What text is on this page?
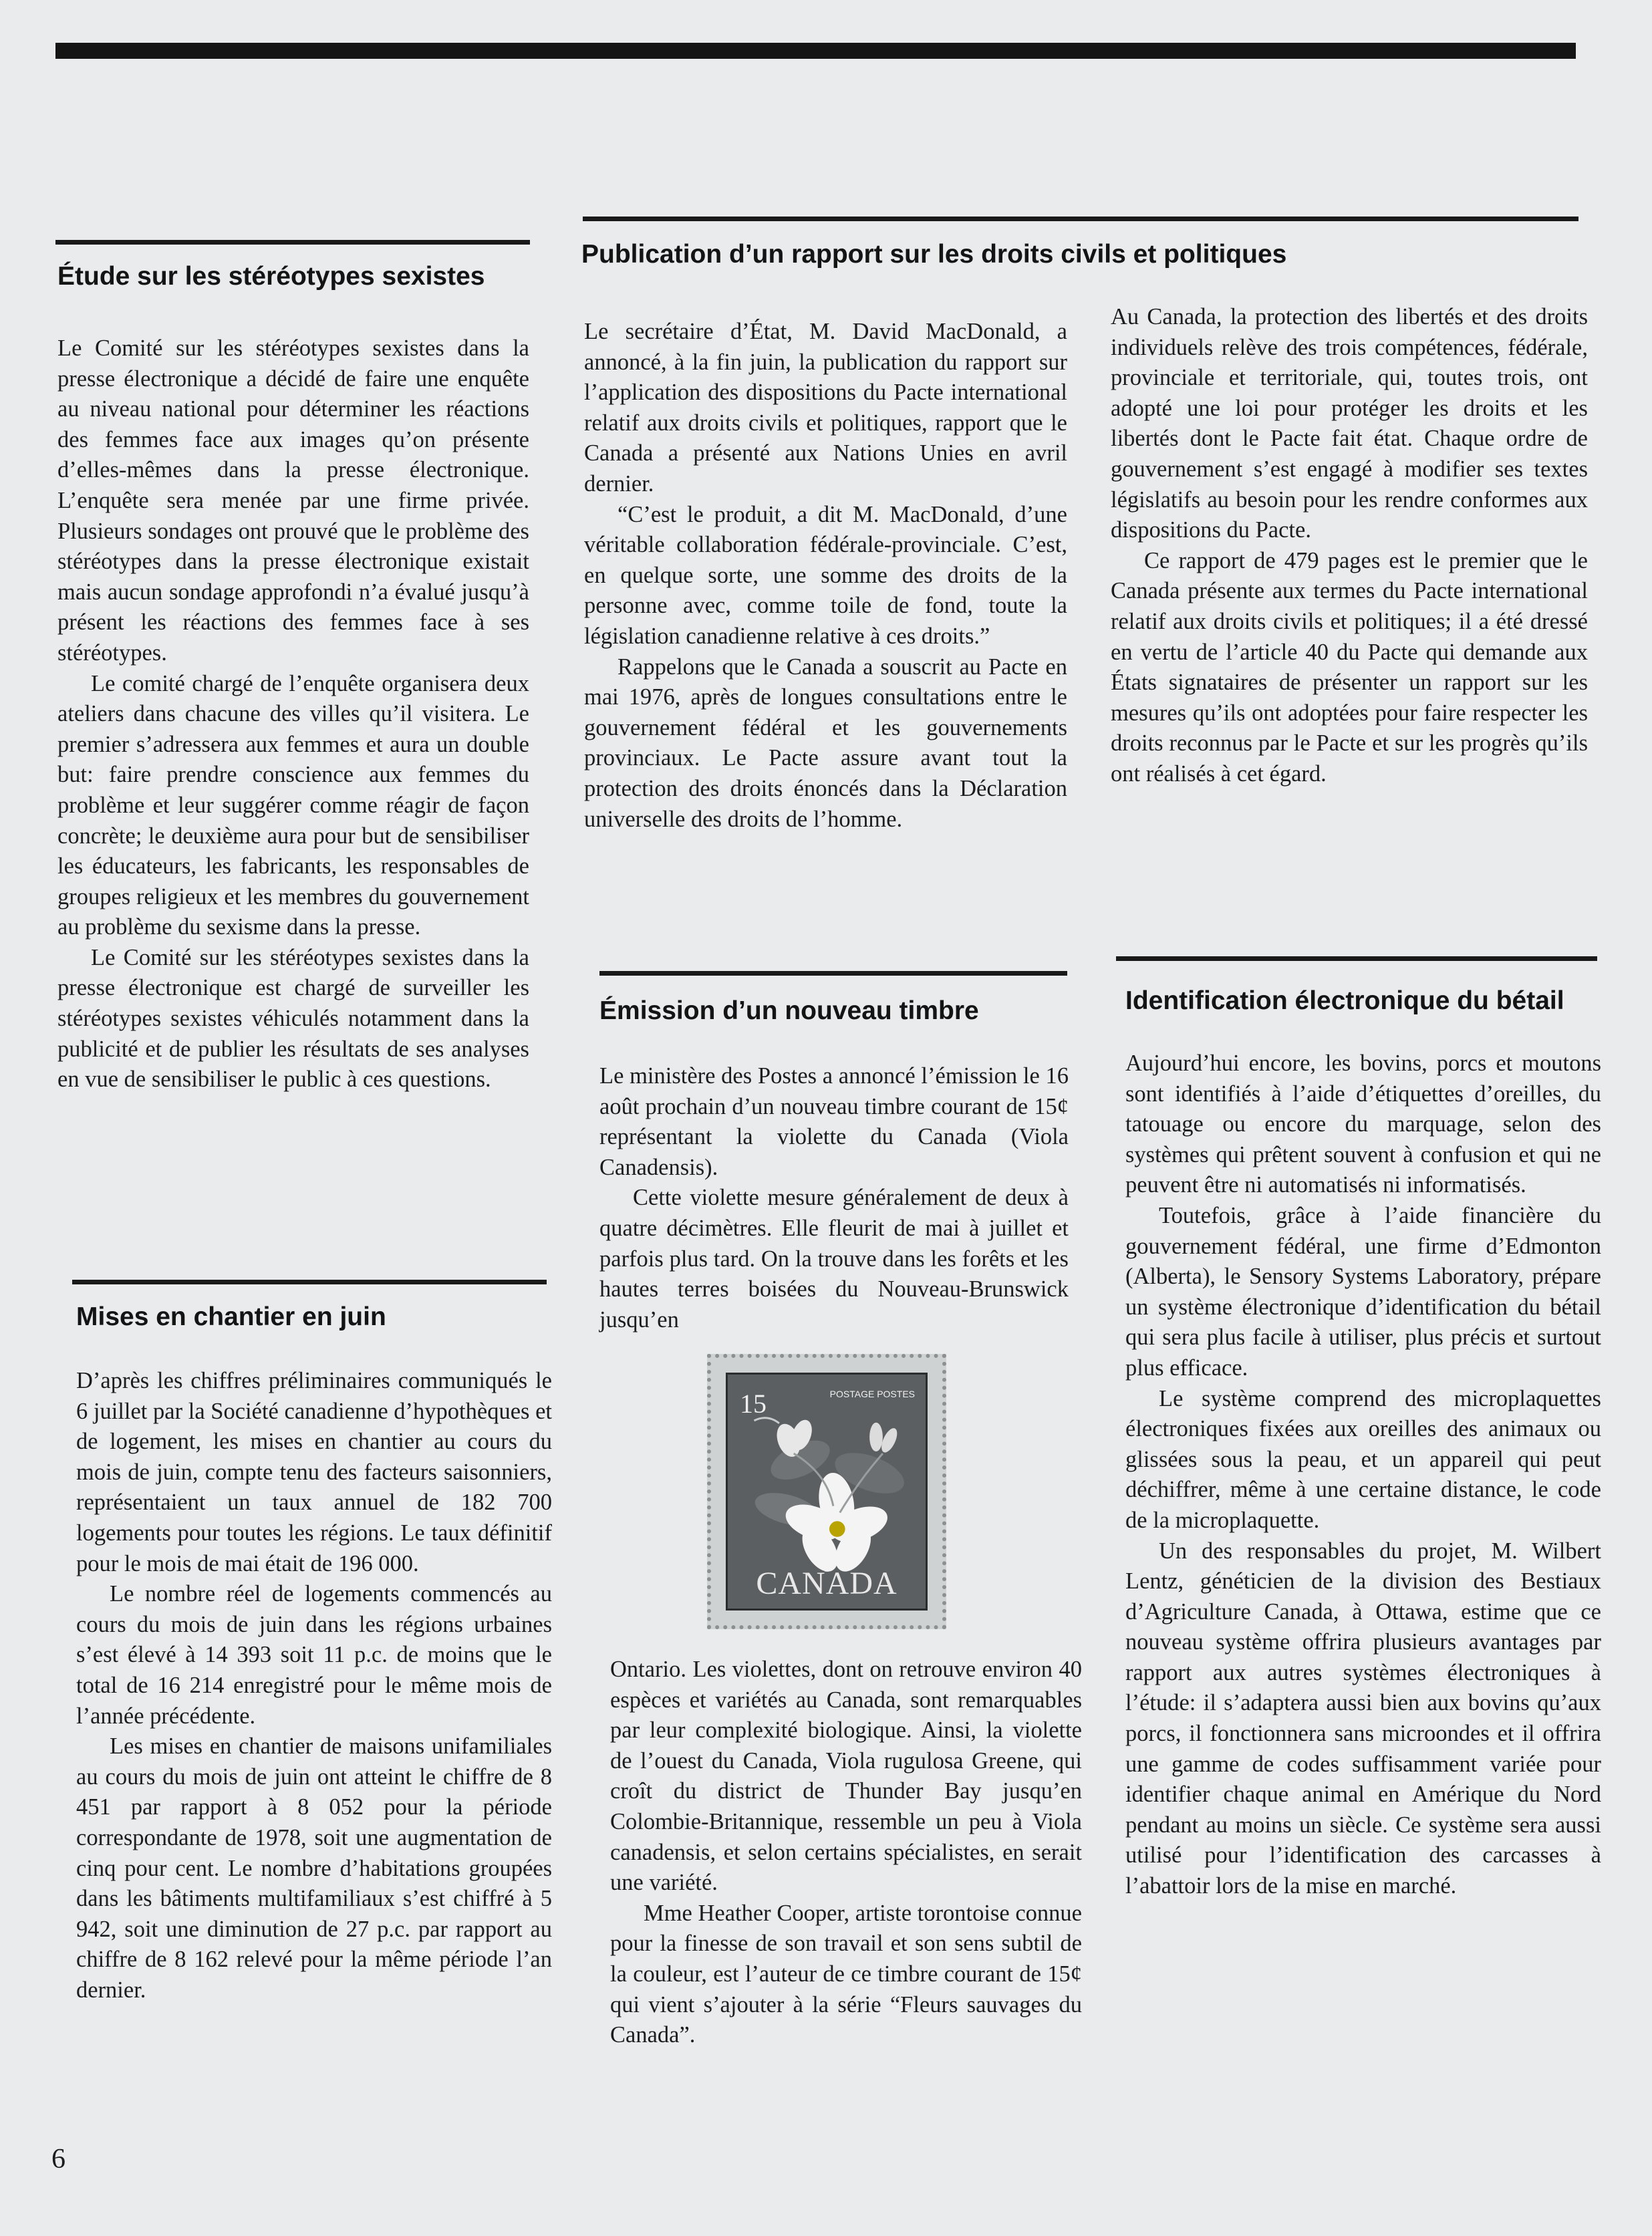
Étude sur les stéréotypes sexistes

Le Comité sur les stéréotypes sexistes dans la presse électronique a décidé de faire une enquête au niveau national pour déterminer les réactions des femmes face aux images qu’on présente d’elles-mêmes dans la presse électronique. L’enquête sera menée par une firme privée. Plusieurs sondages ont prouvé que le problème des stéréotypes dans la presse électronique existait mais aucun sondage approfondi n’a évalué jusqu’à présent les réactions des femmes face à ses stéréotypes.

Le comité chargé de l’enquête organisera deux ateliers dans chacune des villes qu’il visitera. Le premier s’adressera aux femmes et aura un double but: faire prendre conscience aux femmes du problème et leur suggérer comme réagir de façon concrète; le deuxième aura pour but de sensibiliser les éducateurs, les fabricants, les responsables de groupes religieux et les membres du gouvernement au problème du sexisme dans la presse.

Le Comité sur les stéréotypes sexistes dans la presse électronique est chargé de surveiller les stéréotypes sexistes véhiculés notamment dans la publicité et de publier les résultats de ses analyses en vue de sensibiliser le public à ces questions.

Mises en chantier en juin

D’après les chiffres préliminaires communiqués le 6 juillet par la Société canadienne d’hypothèques et de logement, les mises en chantier au cours du mois de juin, compte tenu des facteurs saisonniers, représentaient un taux annuel de 182 700 logements pour toutes les régions. Le taux définitif pour le mois de mai était de 196 000.

Le nombre réel de logements commencés au cours du mois de juin dans les régions urbaines s’est élevé à 14 393 soit 11 p.c. de moins que le total de 16 214 enregistré pour le même mois de l’année précédente.

Les mises en chantier de maisons unifamiliales au cours du mois de juin ont atteint le chiffre de 8 451 par rapport à 8 052 pour la période correspondante de 1978, soit une augmentation de cinq pour cent. Le nombre d’habitations groupées dans les bâtiments multifamiliaux s’est chiffré à 5 942, soit une diminution de 27 p.c. par rapport au chiffre de 8 162 relevé pour la même période l’an dernier.

Publication d’un rapport sur les droits civils et politiques

Le secrétaire d’État, M. David MacDonald, a annoncé, à la fin juin, la publication du rapport sur l’application des dispositions du Pacte international relatif aux droits civils et politiques, rapport que le Canada a présenté aux Nations Unies en avril dernier.

“C’est le produit, a dit M. MacDonald, d’une véritable collaboration fédérale-provinciale. C’est, en quelque sorte, une somme des droits de la personne avec, comme toile de fond, toute la législation canadienne relative à ces droits.”

Rappelons que le Canada a souscrit au Pacte en mai 1976, après de longues consultations entre le gouvernement fédéral et les gouvernements provinciaux. Le Pacte assure avant tout la protection des droits énoncés dans la Déclaration universelle des droits de l’homme.

Au Canada, la protection des libertés et des droits individuels relève des trois compétences, fédérale, provinciale et territoriale, qui, toutes trois, ont adopté une loi pour protéger les droits et les libertés dont le Pacte fait état. Chaque ordre de gouvernement s’est engagé à modifier ses textes législatifs au besoin pour les rendre conformes aux dispositions du Pacte.

Ce rapport de 479 pages est le premier que le Canada présente aux termes du Pacte international relatif aux droits civils et politiques; il a été dressé en vertu de l’article 40 du Pacte qui demande aux États signataires de présenter un rapport sur les mesures qu’ils ont adoptées pour faire respecter les droits reconnus par le Pacte et sur les progrès qu’ils ont réalisés à cet égard.

Émission d’un nouveau timbre

Le ministère des Postes a annoncé l’émission le 16 août prochain d’un nouveau timbre courant de 15¢ représentant la violette du Canada (Viola Canadensis).

Cette violette mesure généralement de deux à quatre décimètres. Elle fleurit de mai à juillet et parfois plus tard. On la trouve dans les forêts et les hautes terres boisées du Nouveau-Brunswick jusqu’en

15	POSTAGE POSTES
CANADA

Ontario. Les violettes, dont on retrouve environ 40 espèces et variétés au Canada, sont remarquables par leur complexité biologique. Ainsi, la violette de l’ouest du Canada, Viola rugulosa Greene, qui croît du district de Thunder Bay jusqu’en Colombie-Britannique, ressemble un peu à Viola canadensis, et selon certains spécialistes, en serait une variété.

Mme Heather Cooper, artiste torontoise connue pour la finesse de son travail et son sens subtil de la couleur, est l’auteur de ce timbre courant de 15¢ qui vient s’ajouter à la série “Fleurs sauvages du Canada”.

Identification électronique du bétail

Aujourd’hui encore, les bovins, porcs et moutons sont identifiés à l’aide d’étiquettes d’oreilles, du tatouage ou encore du marquage, selon des systèmes qui prêtent souvent à confusion et qui ne peuvent être ni automatisés ni informatisés.

Toutefois, grâce à l’aide financière du gouvernement fédéral, une firme d’Edmonton (Alberta), le Sensory Systems Laboratory, prépare un système électronique d’identification du bétail qui sera plus facile à utiliser, plus précis et surtout plus efficace.

Le système comprend des microplaquettes électroniques fixées aux oreilles des animaux ou glissées sous la peau, et un appareil qui peut déchiffrer, même à une certaine distance, le code de la microplaquette.

Un des responsables du projet, M. Wilbert Lentz, généticien de la division des Bestiaux d’Agriculture Canada, à Ottawa, estime que ce nouveau système offrira plusieurs avantages par rapport aux autres systèmes électroniques à l’étude: il s’adaptera aussi bien aux bovins qu’aux porcs, il fonctionnera sans microondes et il offrira une gamme de codes suffisamment variée pour identifier chaque animal en Amérique du Nord pendant au moins un siècle. Ce système sera aussi utilisé pour l’identification des carcasses à l’abattoir lors de la mise en marché.

6
